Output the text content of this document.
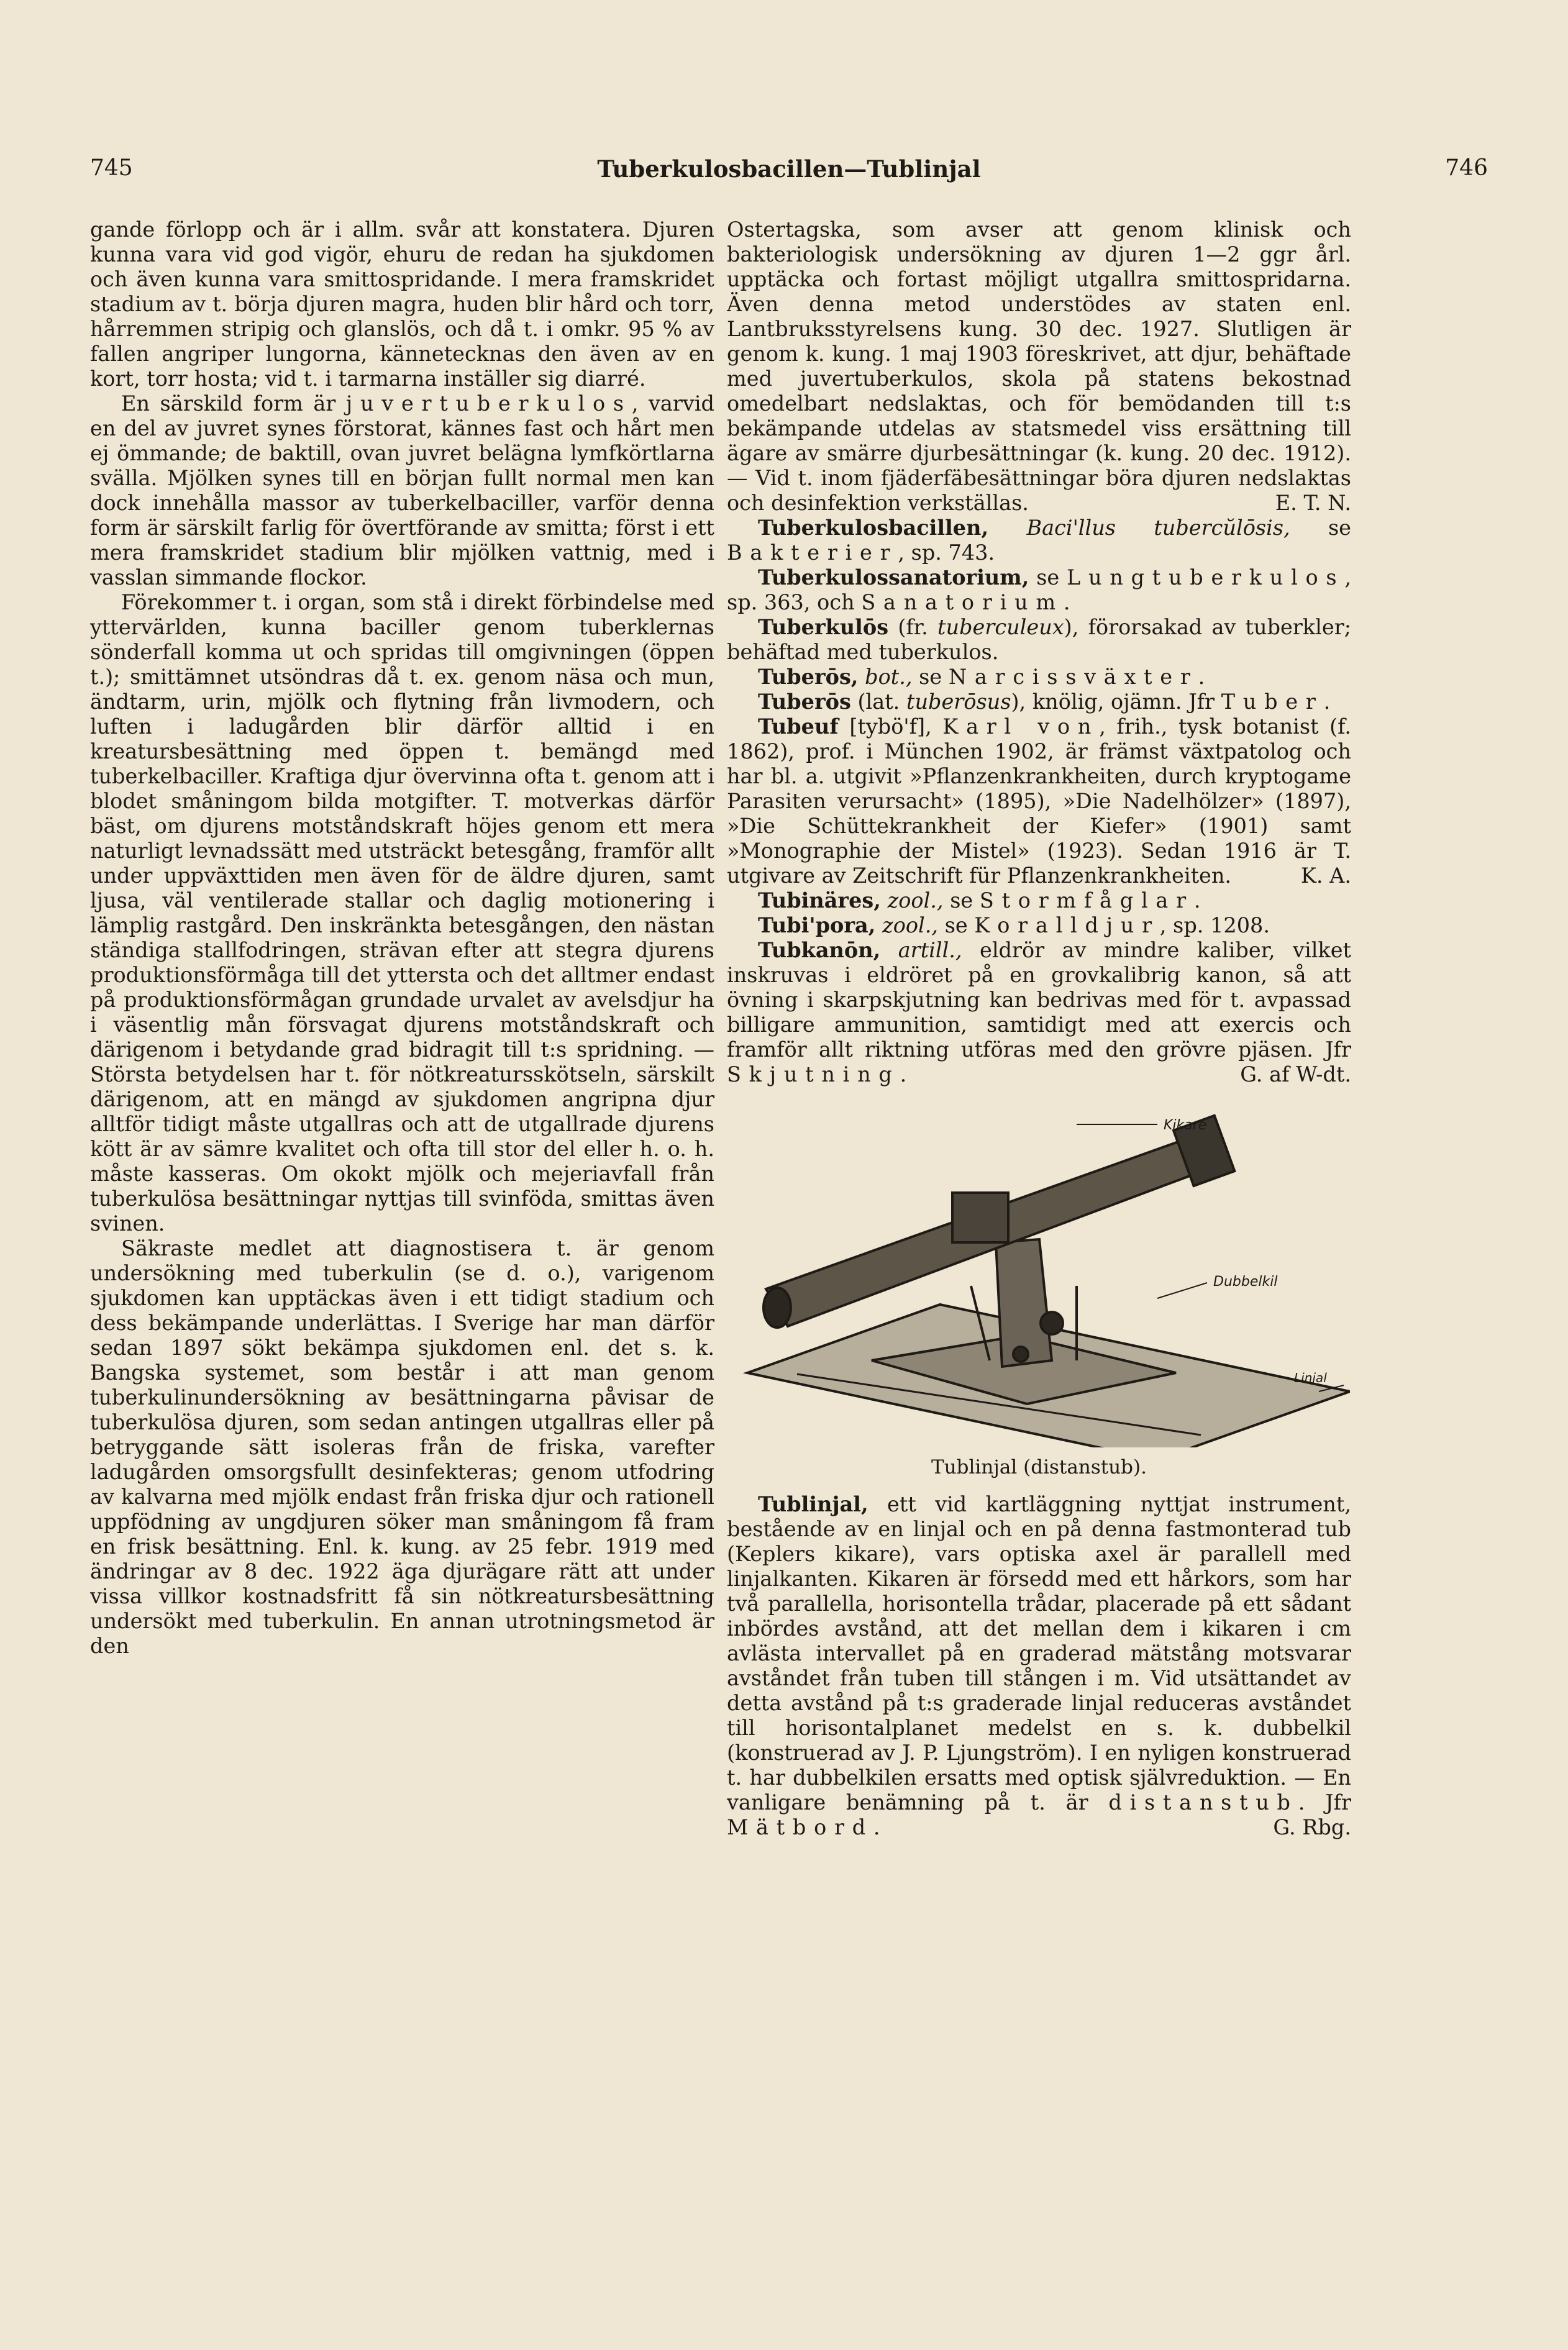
745	Tuberkulosbacillen—Tublinjal	746

gande förlopp och är i allm. svår att konstatera. Djuren kunna vara vid god vigör, ehuru de redan ha sjukdomen och även kunna vara smittospridande. I mera framskridet stadium av t. börja djuren magra, huden blir hård och torr, hårremmen stripig och glanslös, och då t. i omkr. 95 % av fallen angriper lungorna, kännetecknas den även av en kort, torr hosta; vid t. i tarmarna inställer sig diarré.

En särskild form är juvertuberkulos, varvid en del av juvret synes förstorat, kännes fast och hårt men ej ömmande; de baktill, ovan juvret belägna lymfkörtlarna svälla. Mjölken synes till en början fullt normal men kan dock innehålla massor av tuberkelbaciller, varför denna form är särskilt farlig för övertförande av smitta; först i ett mera framskridet stadium blir mjölken vattnig, med i vasslan simmande flockor.

Förekommer t. i organ, som stå i direkt förbindelse med yttervärlden, kunna baciller genom tuberklernas sönderfall komma ut och spridas till omgivningen (öppen t.); smittämnet utsöndras då t. ex. genom näsa och mun, ändtarm, urin, mjölk och flytning från livmodern, och luften i ladugården blir därför alltid i en kreatursbesättning med öppen t. bemängd med tuberkelbaciller. Kraftiga djur övervinna ofta t. genom att i blodet småningom bilda motgifter. T. motverkas därför bäst, om djurens motståndskraft höjes genom ett mera naturligt levnadssätt med utsträckt betesgång, framför allt under uppväxttiden men även för de äldre djuren, samt ljusa, väl ventilerade stallar och daglig motionering i lämplig rastgård. Den inskränkta betesgången, den nästan ständiga stallfodringen, strävan efter att stegra djurens produktionsförmåga till det yttersta och det alltmer endast på produktionsförmågan grundade urvalet av avelsdjur ha i väsentlig mån försvagat djurens motståndskraft och därigenom i betydande grad bidragit till t:s spridning. — Största betydelsen har t. för nötkreatursskötseln, särskilt därigenom, att en mängd av sjukdomen angripna djur alltför tidigt måste utgallras och att de utgallrade djurens kött är av sämre kvalitet och ofta till stor del eller h. o. h. måste kasseras. Om okokt mjölk och mejeriavfall från tuberkulösa besättningar nyttjas till svinföda, smittas även svinen.

Säkraste medlet att diagnostisera t. är genom undersökning med tuberkulin (se d. o.), varigenom sjukdomen kan upptäckas även i ett tidigt stadium och dess bekämpande underlättas. I Sverige har man därför sedan 1897 sökt bekämpa sjukdomen enl. det s. k. Bangska systemet, som består i att man genom tuberkulinundersökning av besättningarna påvisar de tuberkulösa djuren, som sedan antingen utgallras eller på betryggande sätt isoleras från de friska, varefter ladugården omsorgsfullt desinfekteras; genom utfodring av kalvarna med mjölk endast från friska djur och rationell uppfödning av ungdjuren söker man småningom få fram en frisk besättning. Enl. k. kung. av 25 febr. 1919 med ändringar av 8 dec. 1922 äga djurägare rätt att under vissa villkor kostnadsfritt få sin nötkreatursbesättning undersökt med tuberkulin. En annan utrotningsmetod är den

Ostertagska, som avser att genom klinisk och bakteriologisk undersökning av djuren 1—2 ggr årl. upptäcka och fortast möjligt utgallra smittospridarna. Även denna metod understödes av staten enl. Lantbruksstyrelsens kung. 30 dec. 1927. Slutligen är genom k. kung. 1 maj 1903 föreskrivet, att djur, behäftade med juvertuberkulos, skola på statens bekostnad omedelbart nedslaktas, och för bemödanden till t:s bekämpande utdelas av statsmedel viss ersättning till ägare av smärre djurbesättningar (k. kung. 20 dec. 1912). — Vid t. inom fjäderfäbesättningar böra djuren nedslaktas och desinfektion verkställas.	E. T. N.

Tuberkulosbacillen, Baci'llus tubercŭlōsis, se Bakterier, sp. 743.

Tuberkulossanatorium, se Lungtuberkulos, sp. 363, och Sanatorium.

Tuberkulōs (fr. tuberculeux), förorsakad av tuberkler; behäftad med tuberkulos.

Tuberōs, bot., se Narcissväxter.

Tuberōs (lat. tuberōsus), knölig, ojämn. Jfr Tuber.

Tubeuf [tybö'f], Karl von, frih., tysk botanist (f. 1862), prof. i München 1902, är främst växtpatolog och har bl. a. utgivit »Pflanzenkrankheiten, durch kryptogame Parasiten verursacht» (1895), »Die Nadelhölzer» (1897), »Die Schüttekrankheit der Kiefer» (1901) samt »Monographie der Mistel» (1923). Sedan 1916 är T. utgivare av Zeitschrift für Pflanzenkrankheiten.	K. A.

Tubinäres, zool., se Stormfåglar.

Tubi'pora, zool., se Koralldjur, sp. 1208.

Tubkanōn, artill., eldrör av mindre kaliber, vilket inskruvas i eldröret på en grovkalibrig kanon, så att övning i skarpskjutning kan bedrivas med för t. avpassad billigare ammunition, samtidigt med att exercis och framför allt riktning utföras med den grövre pjäsen. Jfr Skjutning.	G. af W-dt.

Kikare
Dubbelkil
Linjal
Tublinjal (distanstub).

Tublinjal, ett vid kartläggning nyttjat instrument, bestående av en linjal och en på denna fastmonterad tub (Keplers kikare), vars optiska axel är parallell med linjalkanten. Kikaren är försedd med ett hårkors, som har två parallella, horisontella trådar, placerade på ett sådant inbördes avstånd, att det mellan dem i kikaren i cm avlästa intervallet på en graderad mätstång motsvarar avståndet från tuben till stången i m. Vid utsättandet av detta avstånd på t:s graderade linjal reduceras avståndet till horisontalplanet medelst en s. k. dubbelkil (konstruerad av J. P. Ljungström). I en nyligen konstruerad t. har dubbelkilen ersatts med optisk självreduktion. — En vanligare benämning på t. är distanstub. Jfr Mätbord.	G. Rbg.
